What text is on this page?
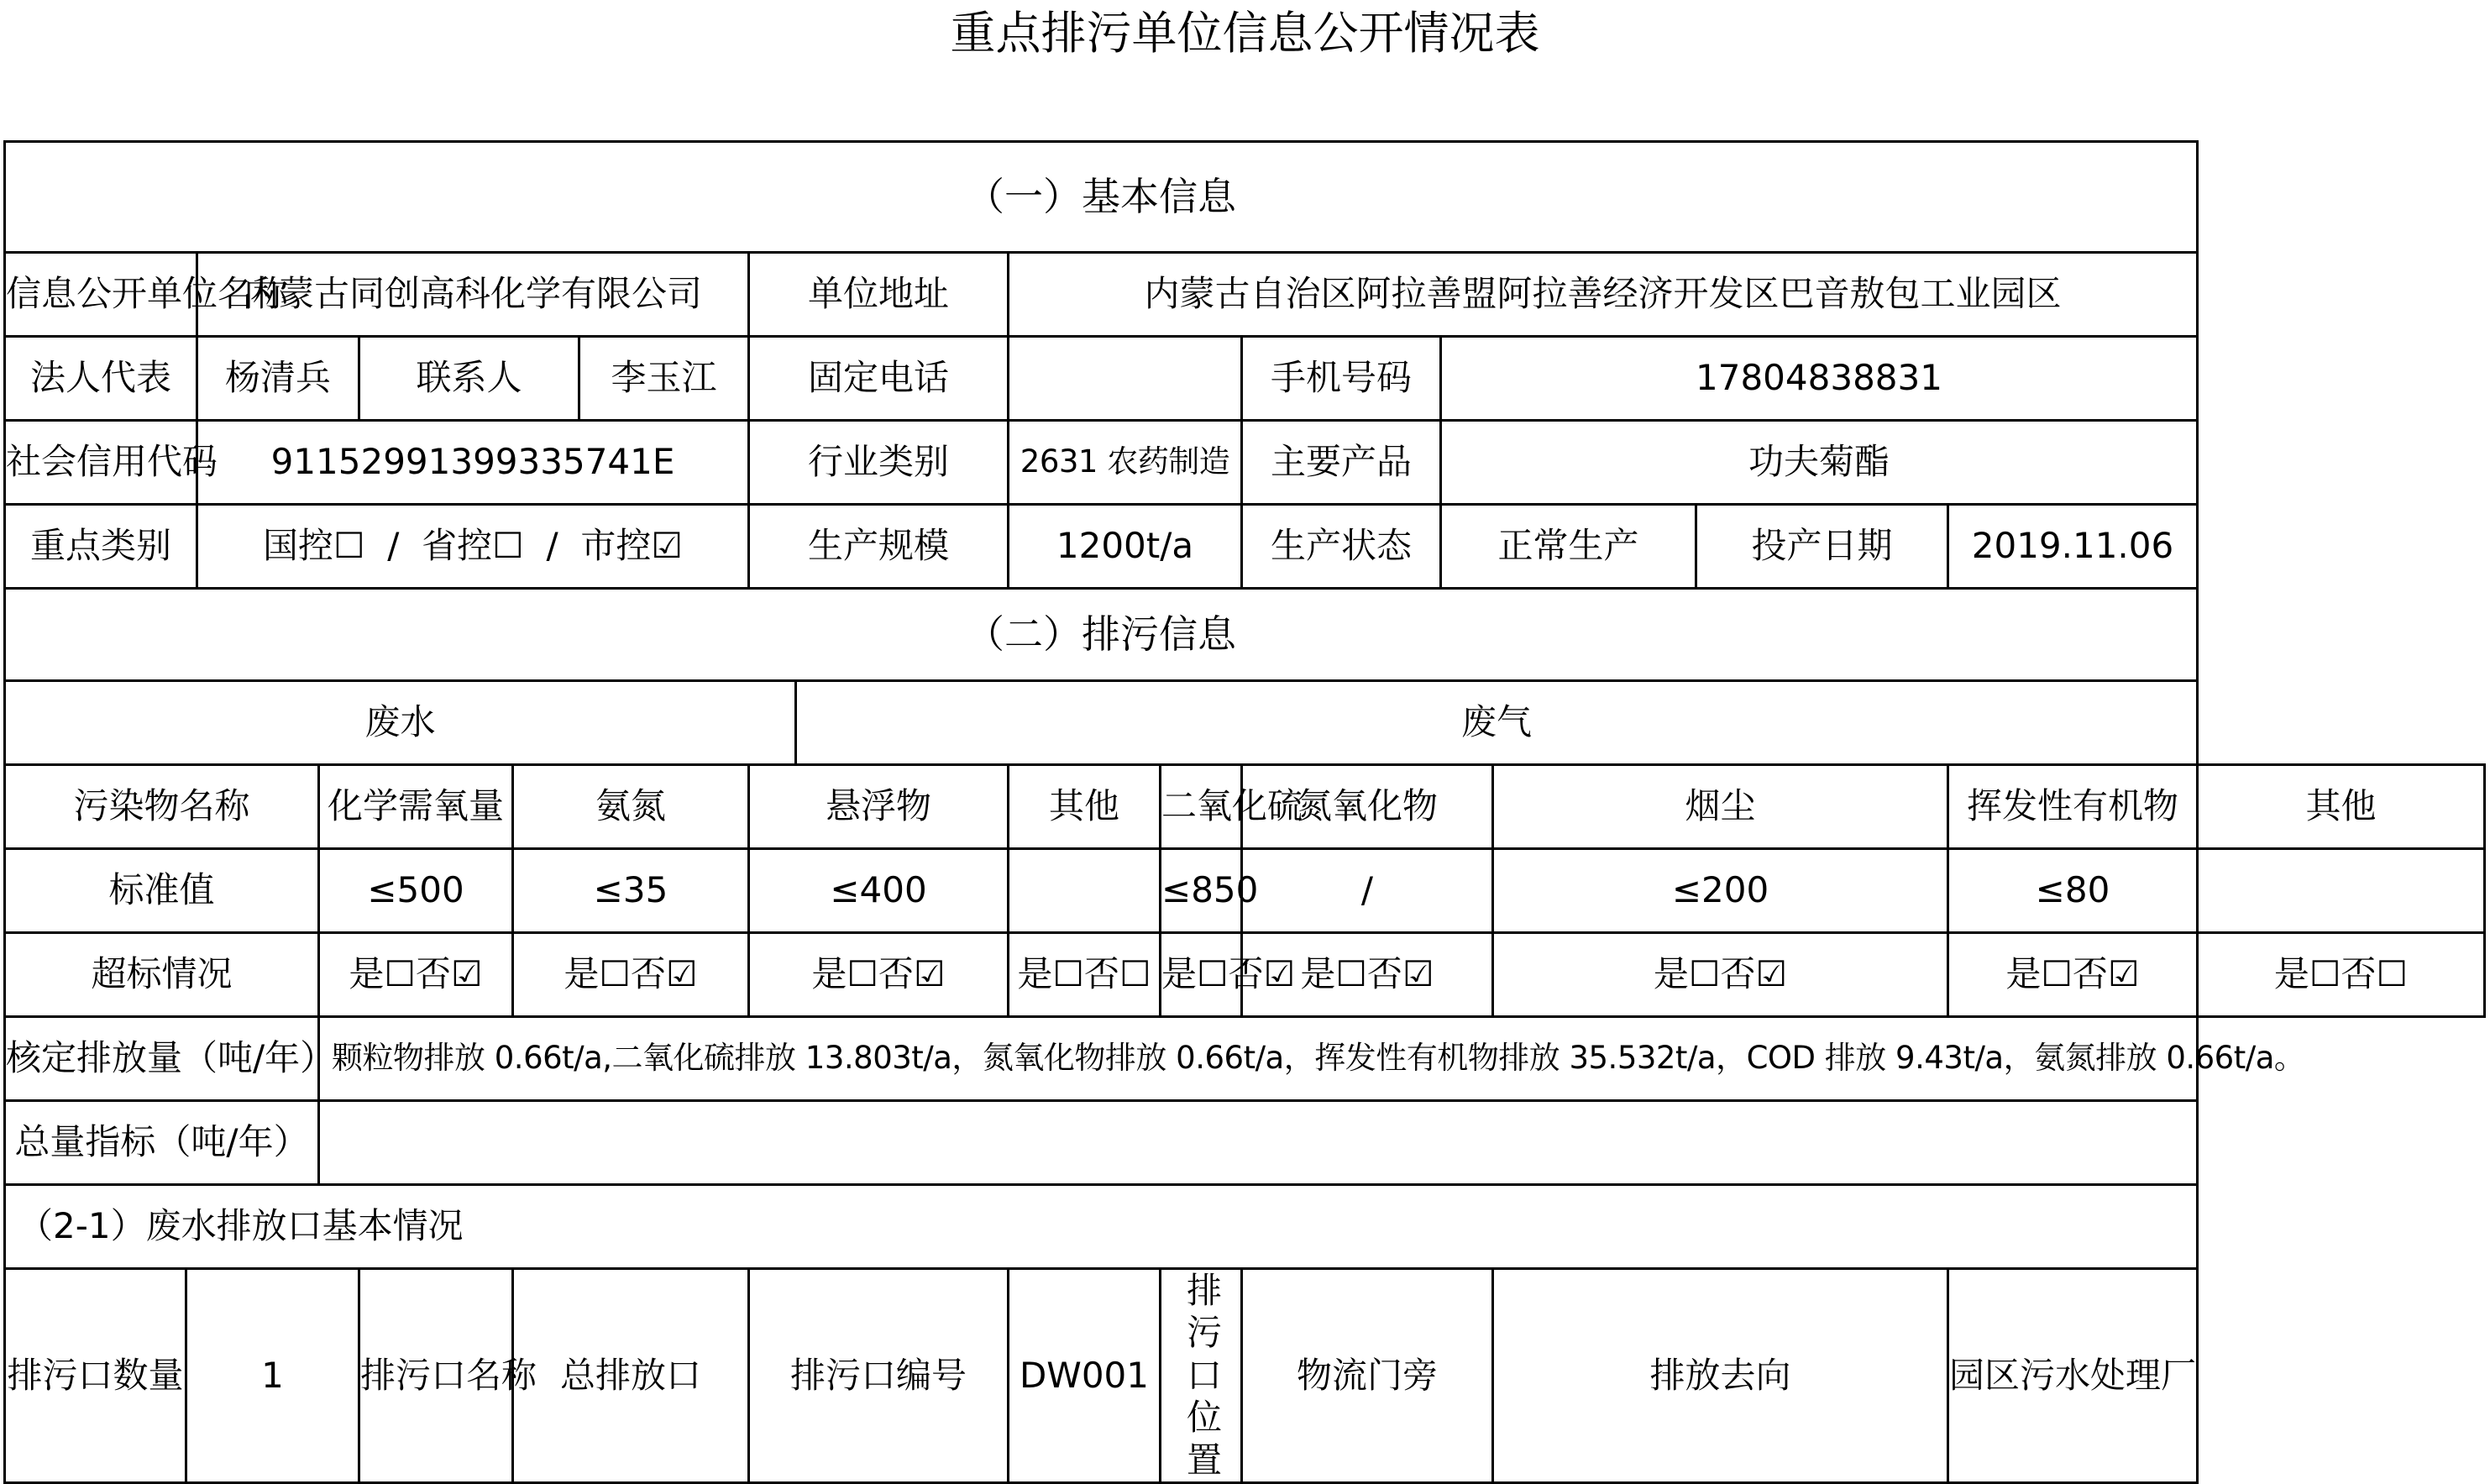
重点排污单位信息公开情况表
（一）基本信息																
信息公开单位名称		内蒙古同创高科化学有限公司					单位地址		内蒙古自治区阿拉善盟阿拉善经济开发区巴音敖包工业园区							
法人代表		杨清兵		联系人		李玉江	固定电话				手机号码	17804838831				
社会信用代码		91152991399335741E					行业类别		2631 农药制造		主要产品	功夫菊酯				
重点类别		国控☐  /  省控☐  /  市控☑					生产规模		1200t/a		生产状态	正常生产		投产日期	2019.11.06	
（二）排污信息																
废水								废气								
污染物名称			化学需氧量		氨氮		悬浮物		其他	二氧化硫	氮氧化物		烟尘		挥发性有机物	其他
标准值			≤500		≤35		≤400			≤850	/		≤200		≤80	
超标情况			是☐否☑		是☐否☑		是☐否☑		是☐否☐	是☐否☑	是☐否☑		是☐否☑		是☐否☑	是☐否☐
核定排放量（吨/年）			颗粒物排放 0.66t/a,二氧化硫排放 13.803t/a，氮氧化物排放 0.66t/a，挥发性有机物排放 35.532t/a，COD 排放 9.43t/a，氨氮排放 0.66t/a。													
总量指标（吨/年）																
（2-1）废水排放口基本情况																
排污口数量	1			排污口名称	总排放口		排污口编号		DW001	排污口位置	物流门旁		排放去向		园区污水处理厂	
